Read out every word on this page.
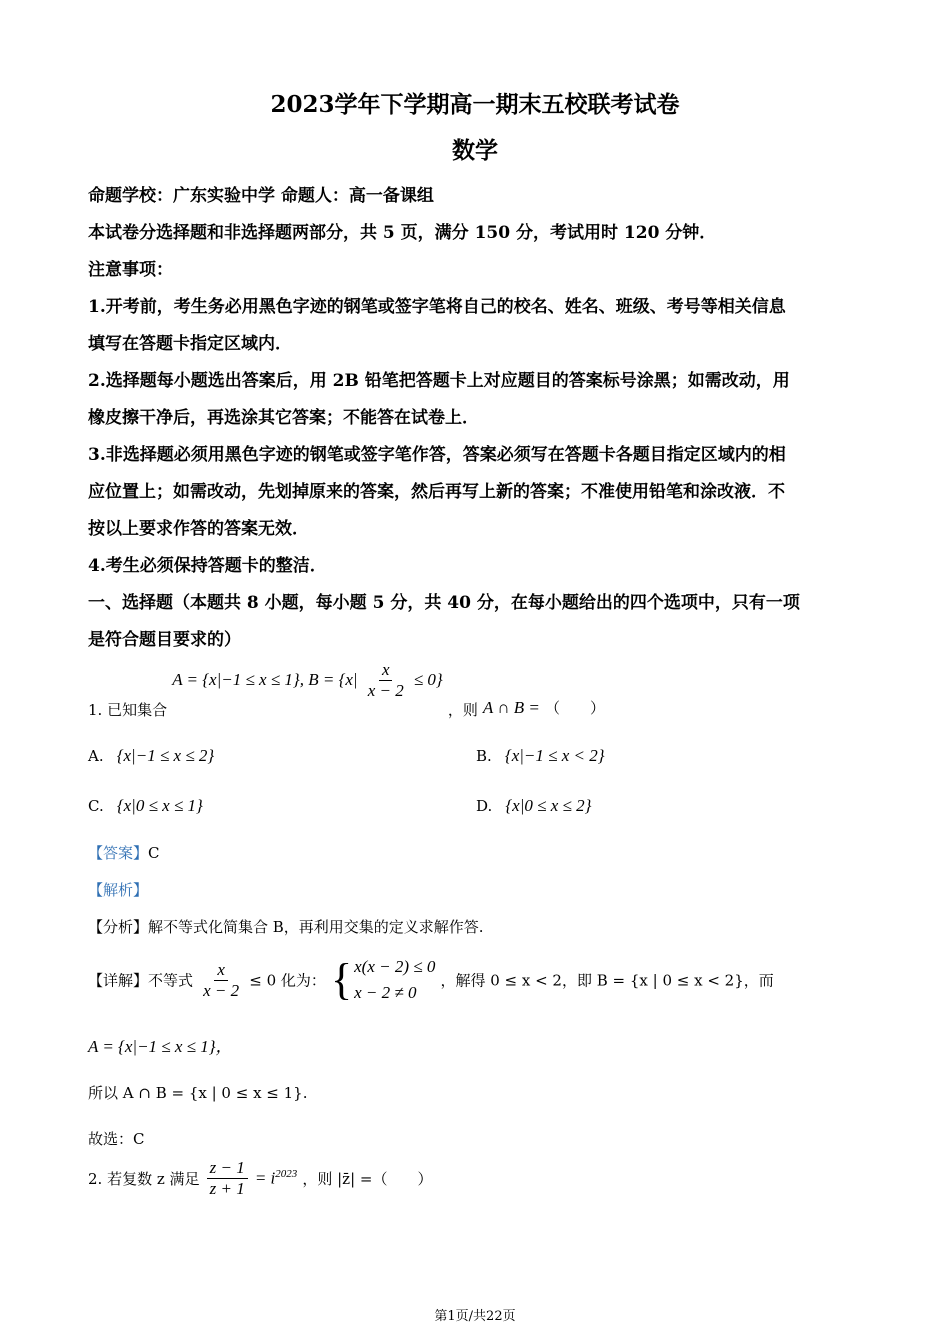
2023学年下学期高一期末五校联考试卷
数学
命题学校：广东实验中学 命题人：高一备课组
本试卷分选择题和非选择题两部分，共 5 页，满分 150 分，考试用时 120 分钟．
注意事项：
1.开考前，考生务必用黑色字迹的钢笔或签字笔将自己的校名、姓名、班级、考号等相关信息
填写在答题卡指定区域内．
2.选择题每小题选出答案后，用 2B 铅笔把答题卡上对应题目的答案标号涂黑；如需改动，用
橡皮擦干净后，再选涂其它答案；不能答在试卷上．
3.非选择题必须用黑色字迹的钢笔或签字笔作答，答案必须写在答题卡各题目指定区域内的相
应位置上；如需改动，先划掉原来的答案，然后再写上新的答案；不准使用铅笔和涂改液．不
按以上要求作答的答案无效．
4.考生必须保持答题卡的整洁．
一、选择题（本题共 8 小题，每小题 5 分，共 40 分，在每小题给出的四个选项中，只有一项
是符合题目要求的）
1. 已知集合 A = {x|−1 ≤ x ≤ 1}, $B = \{x| \frac{x}{x - 2} \le 0\}$ ，则 A ∩ B = （　　）
A. {x|−1 ≤ x ≤ 2}	B. {x|−1 ≤ x < 2}
C. {x|0 ≤ x ≤ 1}	D. {x|0 ≤ x ≤ 2}
【答案】C
【解析】
【分析】解不等式化简集合 B，再利用交集的定义求解作答.
【详解】不等式 $\frac{x}{x - 2} \le 0$ 化为： { x(x − 2) ≤ 0
x − 2 ≠ 0
，解得 0 ≤ x < 2，即 B = {x | 0 ≤ x < 2}，而
A = {x|−1 ≤ x ≤ 1}，
所以 A ∩ B = {x | 0 ≤ x ≤ 1}.
故选：C
2. 若复数 z 满足 $\frac{z - 1}{z + 1} = i^{2023}$ ，则 |z̄| =（　　）
第1页/共22页
